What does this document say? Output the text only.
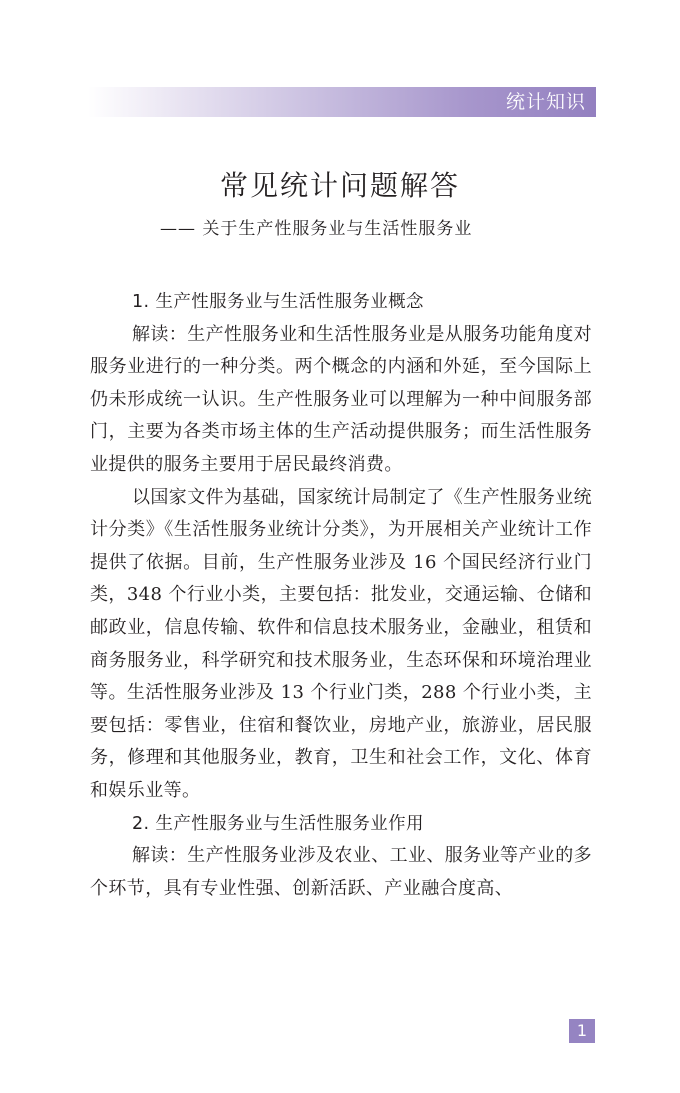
统计知识
常见统计问题解答
—— 关于生产性服务业与生活性服务业

1. 生产性服务业与生活性服务业概念

解读：生产性服务业和生活性服务业是从服务功能角度对服务业进行的一种分类。两个概念的内涵和外延，至今国际上仍未形成统一认识。生产性服务业可以理解为一种中间服务部门，主要为各类市场主体的生产活动提供服务；而生活性服务业提供的服务主要用于居民最终消费。

以国家文件为基础，国家统计局制定了《生产性服务业统计分类》《生活性服务业统计分类》，为开展相关产业统计工作提供了依据。目前，生产性服务业涉及 16 个国民经济行业门类，348 个行业小类，主要包括：批发业，交通运输、仓储和邮政业，信息传输、软件和信息技术服务业，金融业，租赁和商务服务业，科学研究和技术服务业，生态环保和环境治理业等。生活性服务业涉及 13 个行业门类，288 个行业小类，主要包括：零售业，住宿和餐饮业，房地产业，旅游业，居民服务，修理和其他服务业，教育，卫生和社会工作，文化、体育和娱乐业等。

2. 生产性服务业与生活性服务业作用

解读：生产性服务业涉及农业、工业、服务业等产业的多个环节，具有专业性强、创新活跃、产业融合度高、

1
